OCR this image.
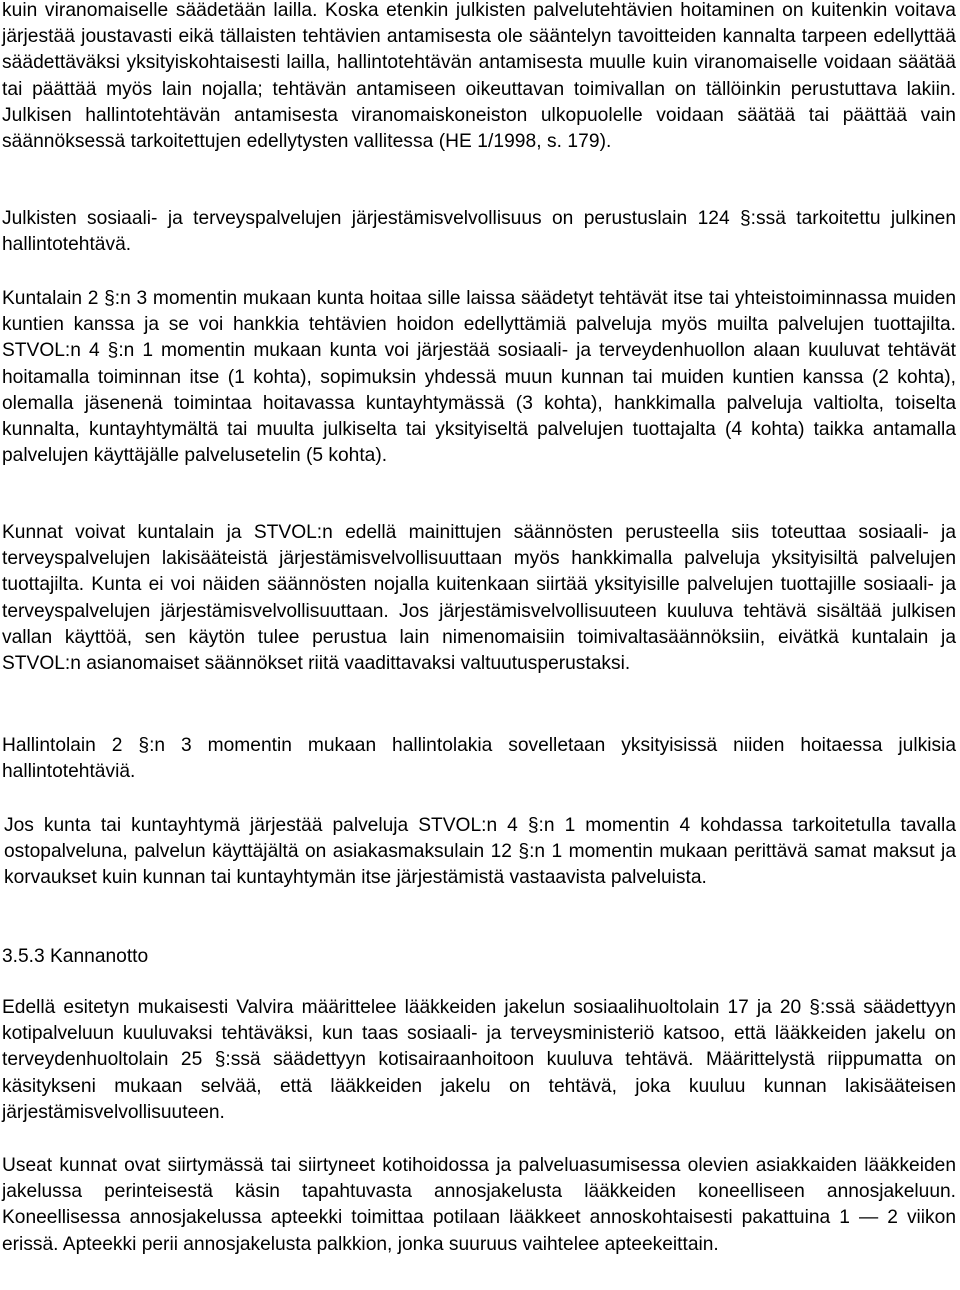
kuin viranomaiselle säädetään lailla. Koska etenkin julkisten palvelutehtävien hoitaminen on kuitenkin voitava järjestää joustavasti eikä tällaisten tehtävien antamisesta ole sääntelyn tavoitteiden kannalta tarpeen edellyttää säädettäväksi yksityiskohtaisesti lailla, hallintotehtävän antamisesta muulle kuin viranomaiselle voidaan säätää tai päättää myös lain nojalla; tehtävän antamiseen oikeuttavan toimivallan on tällöinkin perustuttava lakiin. Julkisen hallintotehtävän antamisesta viranomaiskoneiston ulkopuolelle voidaan säätää tai päättää vain säännöksessä tarkoitettujen edellytysten vallitessa (HE 1/1998, s. 179).

Julkisten sosiaali- ja terveyspalvelujen järjestämisvelvollisuus on perustuslain 124 §:ssä tarkoitettu julkinen hallintotehtävä.

Kuntalain 2 §:n 3 momentin mukaan kunta hoitaa sille laissa säädetyt tehtävät itse tai yhteistoiminnassa muiden kuntien kanssa ja se voi hankkia tehtävien hoidon edellyttämiä palveluja myös muilta palvelujen tuottajilta. STVOL:n 4 §:n 1 momentin mukaan kunta voi järjestää sosiaali- ja terveydenhuollon alaan kuuluvat tehtävät hoitamalla toiminnan itse (1 kohta), sopimuksin yhdessä muun kunnan tai muiden kuntien kanssa (2 kohta), olemalla jäsenenä toimintaa hoitavassa kuntayhtymässä (3 kohta), hankkimalla palveluja valtiolta, toiselta kunnalta, kuntayhtymältä tai muulta julkiselta tai yksityiseltä palvelujen tuottajalta (4 kohta) taikka antamalla palvelujen käyttäjälle palvelusetelin (5 kohta).

Kunnat voivat kuntalain ja STVOL:n edellä mainittujen säännösten perusteella siis toteuttaa sosiaali- ja terveyspalvelujen lakisääteistä järjestämisvelvollisuuttaan myös hankkimalla palveluja yksityisiltä palvelujen tuottajilta. Kunta ei voi näiden säännösten nojalla kuitenkaan siirtää yksityisille palvelujen tuottajille sosiaali- ja terveyspalvelujen järjestämisvelvollisuuttaan. Jos järjestämisvelvollisuuteen kuuluva tehtävä sisältää julkisen vallan käyttöä, sen käytön tulee perustua lain nimenomaisiin toimivaltasäännöksiin, eivätkä kuntalain ja STVOL:n asianomaiset säännökset riitä vaadittavaksi valtuutusperustaksi.

Hallintolain 2 §:n 3 momentin mukaan hallintolakia sovelletaan yksityisissä niiden hoitaessa julkisia hallintotehtäviä.

Jos kunta tai kuntayhtymä järjestää palveluja STVOL:n 4 §:n 1 momentin 4 kohdassa tarkoitetulla tavalla ostopalveluna, palvelun käyttäjältä on asiakasmaksulain 12 §:n 1 momentin mukaan perittävä samat maksut ja korvaukset kuin kunnan tai kuntayhtymän itse järjestämistä vastaavista palveluista.

3.5.3 Kannanotto

Edellä esitetyn mukaisesti Valvira määrittelee lääkkeiden jakelun sosiaalihuoltolain 17 ja 20 §:ssä säädettyyn kotipalveluun kuuluvaksi tehtäväksi, kun taas sosiaali- ja terveysministeriö katsoo, että lääkkeiden jakelu on terveydenhuoltolain 25 §:ssä säädettyyn kotisairaanhoitoon kuuluva tehtävä. Määrittelystä riippumatta on käsitykseni mukaan selvää, että lääkkeiden jakelu on tehtävä, joka kuuluu kunnan lakisääteisen järjestämisvelvollisuuteen.

Useat kunnat ovat siirtymässä tai siirtyneet kotihoidossa ja palveluasumisessa olevien asiakkaiden lääkkeiden jakelussa perinteisestä käsin tapahtuvasta annosjakelusta lääkkeiden koneelliseen annosjakeluun. Koneellisessa annosjakelussa apteekki toimittaa potilaan lääkkeet annoskohtaisesti pakattuina 1 — 2 viikon erissä. Apteekki perii annosjakelusta palkkion, jonka suuruus vaihtelee apteekeittain.
